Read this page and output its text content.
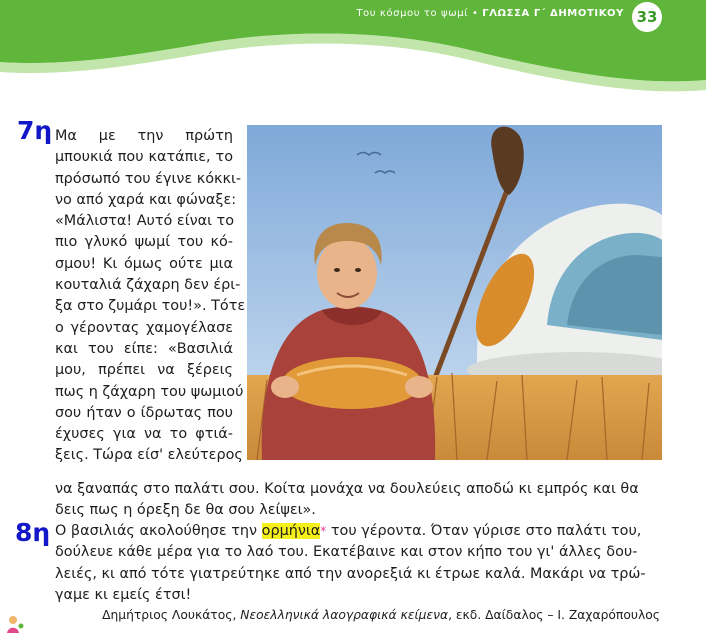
Του κόσμου το ψωμί • ΓΛΩΣΣΑ Γ΄ ΔΗΜΟΤΙΚΟΥ 33
7η Μα με την πρώτη
μπουκιά που κατάπιε, το
πρόσωπό του έγινε κόκκι-
νο από χαρά και φώναξε:
«Μάλιστα! Αυτό είναι το
πιο γλυκό ψωμί του κό-
σμου! Κι όμως ούτε μια
κουταλιά ζάχαρη δεν έρι-
ξα στο ζυμάρι του!». Τότε
ο γέροντας χαμογέλασε
και του είπε: «Βασιλιά
μου, πρέπει να ξέρεις
πως η ζάχαρη του ψωμιού
σου ήταν ο ίδρωτας που
έχυσες για να το φτιά-
ξεις. Τώρα είσ' ελεύτερος
να ξαναπάς στο παλάτι σου. Κοίτα μονάχα να δουλεύεις αποδώ κι εμπρός και θα
δεις πως η όρεξη δε θα σου λείψει».
8η Ο βασιλιάς ακολούθησε την ορμήνια* του γέροντα. Όταν γύρισε στο παλάτι του,
δούλευε κάθε μέρα για το λαό του. Εκατέβαινε και στον κήπο του γι' άλλες δου-
λειές, κι από τότε γιατρεύτηκε από την ανορεξιά κι έτρωε καλά. Μακάρι να τρώ-
γαμε κι εμείς έτσι!
Δημήτριος Λουκάτος, Νεοελληνικά λαογραφικά κείμενα, εκδ. Δαίδαλος – Ι. Ζαχαρόπουλος
